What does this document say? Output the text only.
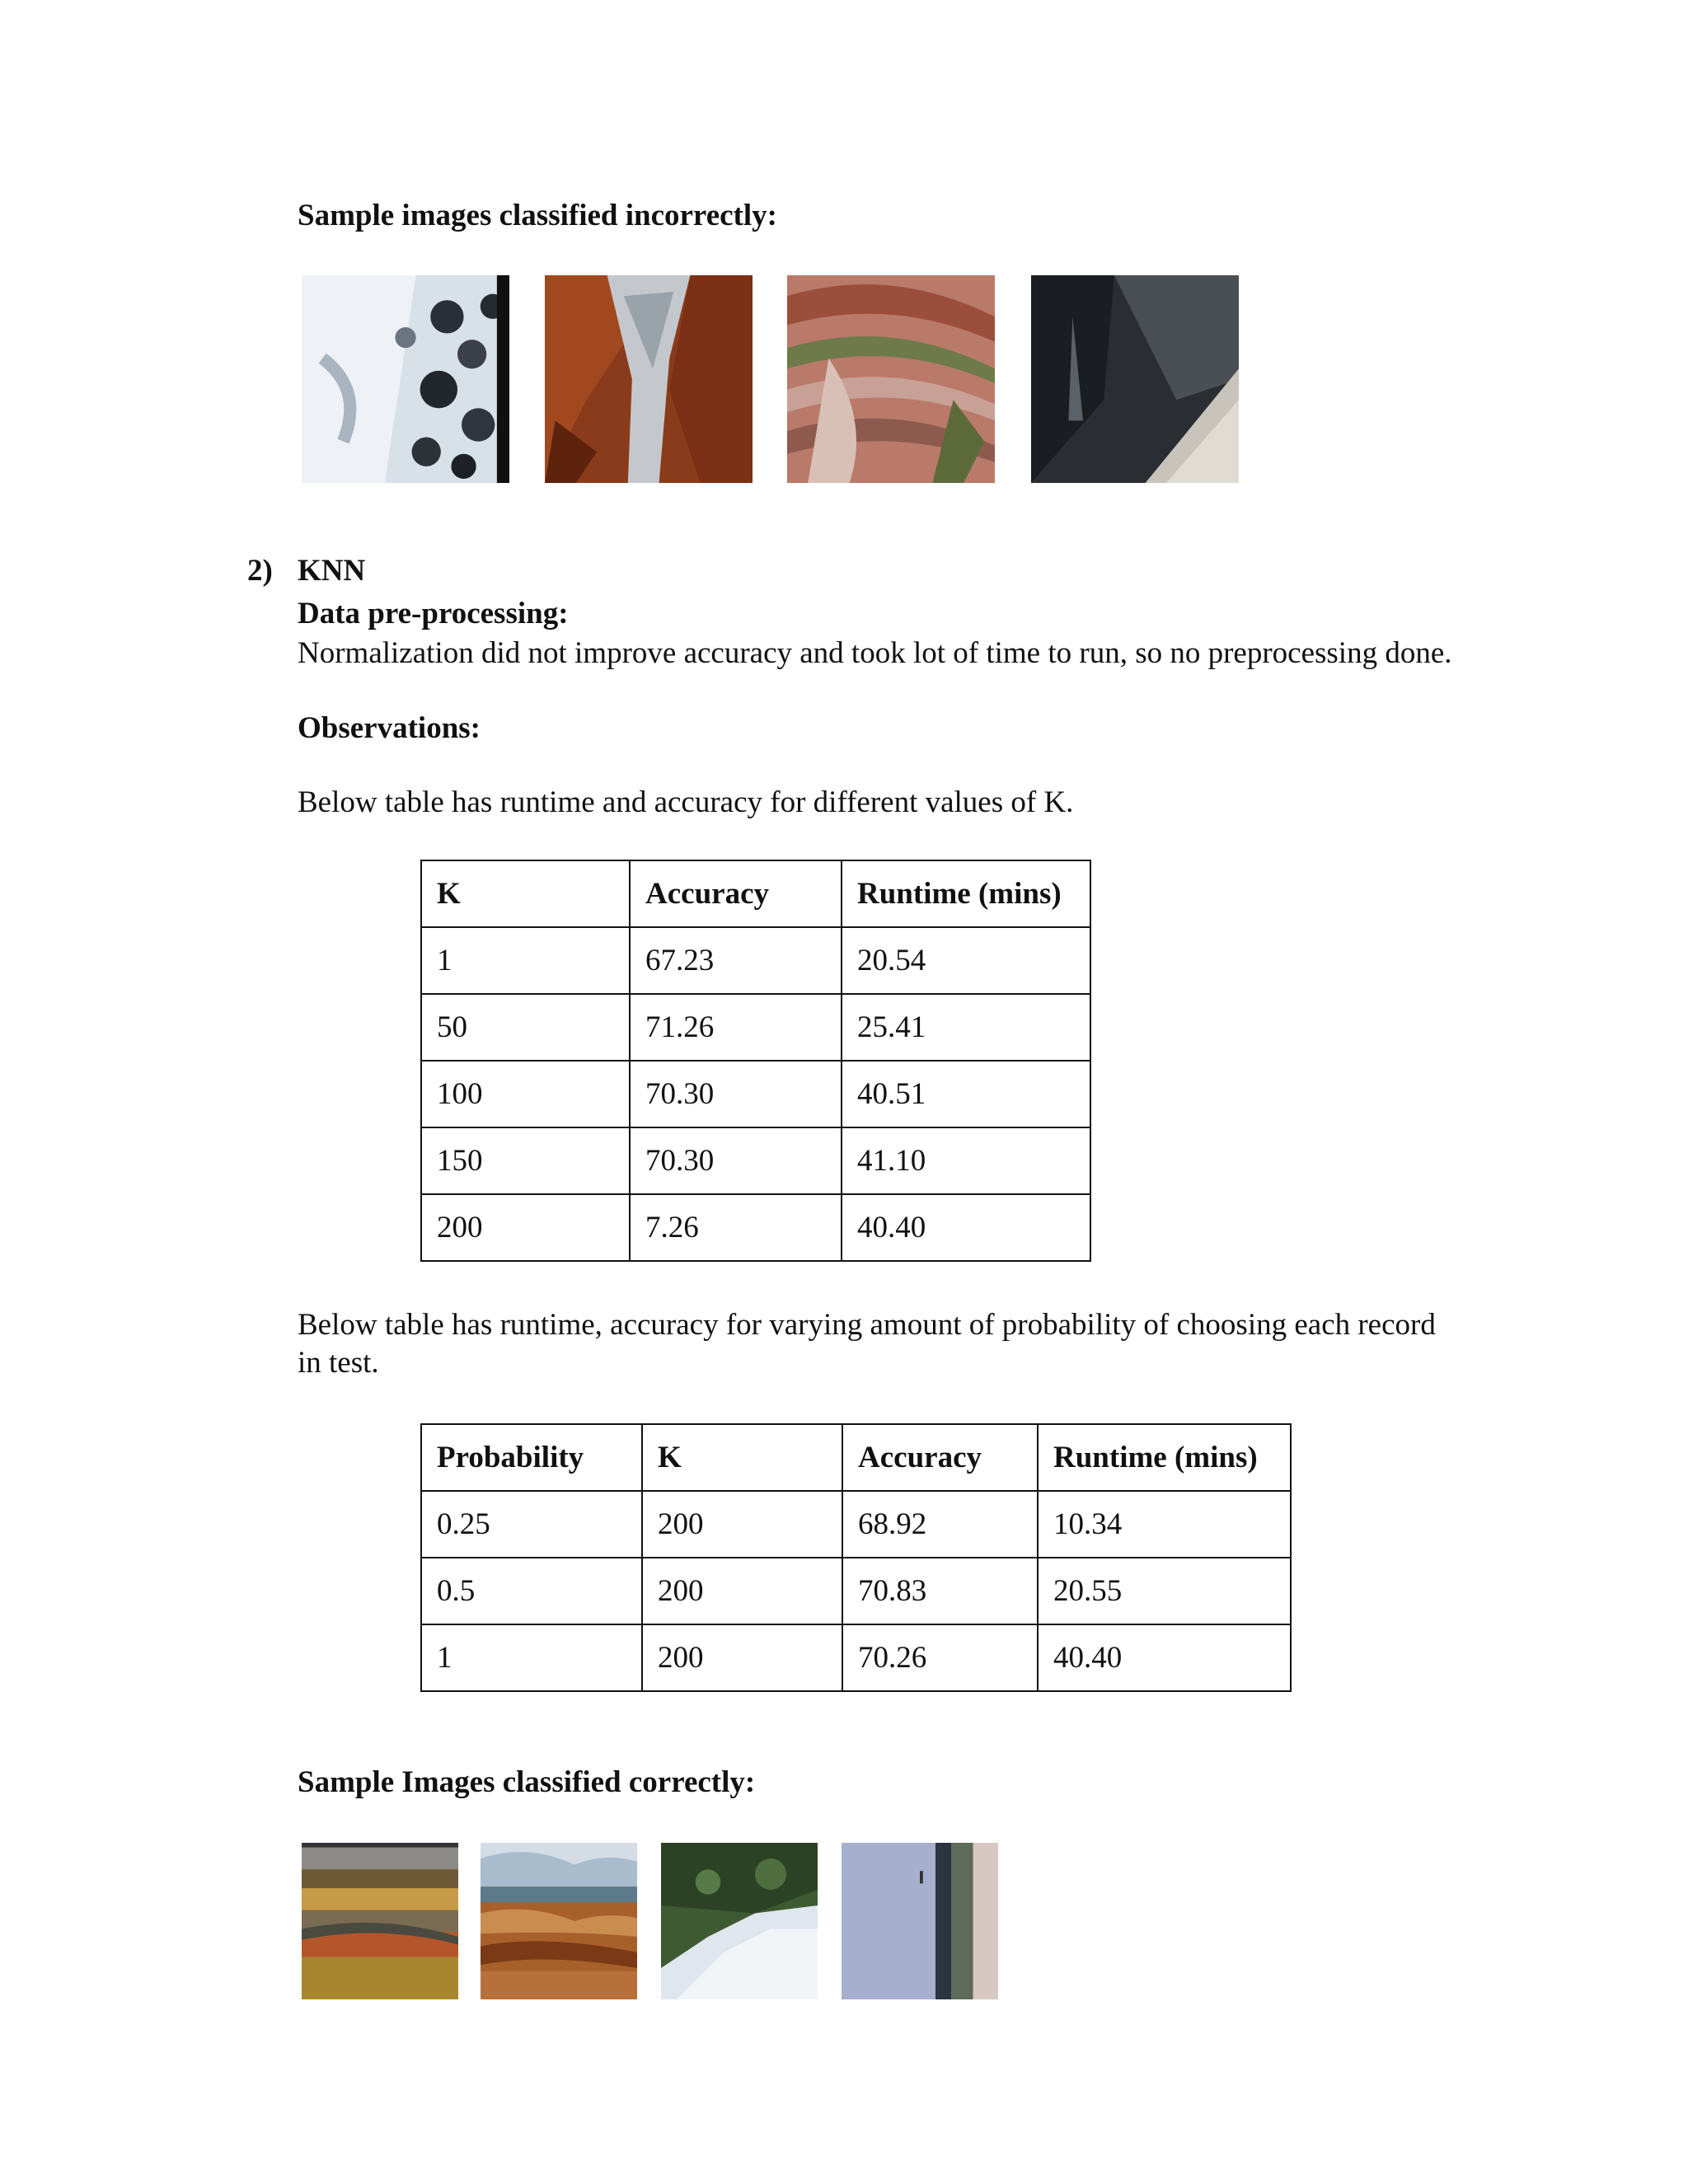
Sample images classified incorrectly:
2) KNN
Data pre-processing:
Normalization did not improve accuracy and took lot of time to run, so no preprocessing done.
Observations:
Below table has runtime and accuracy for different values of K.
K	Accuracy	Runtime (mins)
1	67.23	20.54
50	71.26	25.41
100	70.30	40.51
150	70.30	41.10
200	7.26	40.40
Below table has runtime, accuracy for varying amount of probability of choosing each record
in test.
Probability	K	Accuracy	Runtime (mins)
0.25	200	68.92	10.34
0.5	200	70.83	20.55
1	200	70.26	40.40
Sample Images classified correctly:
